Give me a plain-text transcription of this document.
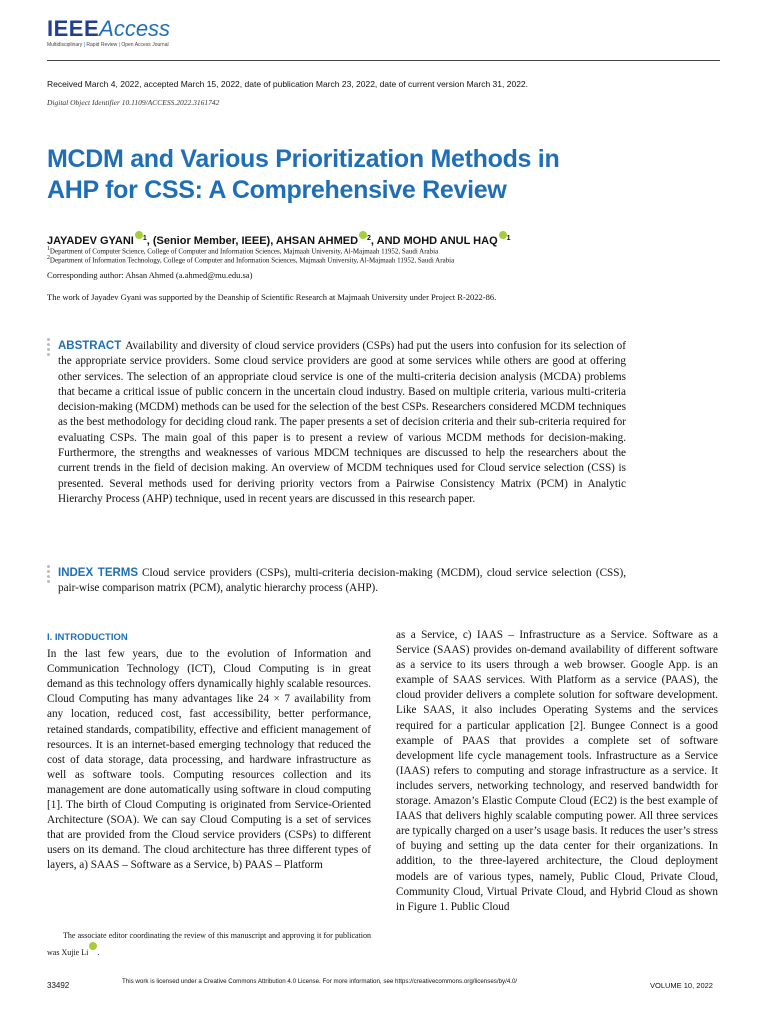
IEEEAccess
Multidisciplinary | Rapid Review | Open Access Journal
Received March 4, 2022, accepted March 15, 2022, date of publication March 23, 2022, date of current version March 31, 2022.
Digital Object Identifier 10.1109/ACCESS.2022.3161742
MCDM and Various Prioritization Methods in
AHP for CSS: A Comprehensive Review
JAYADEV GYANI $^1$, (Senior Member, IEEE), AHSAN AHMED $^2$, AND MOHD ANUL HAQ $^1$
$^1$Department of Computer Science, College of Computer and Information Sciences, Majmaah University, Al-Majmaah 11952, Saudi Arabia
$^2$Department of Information Technology, College of Computer and Information Sciences, Majmaah University, Al-Majmaah 11952, Saudi Arabia
Corresponding author: Ahsan Ahmed (a.ahmed@mu.edu.sa)
The work of Jayadev Gyani was supported by the Deanship of Scientific Research at Majmaah University under Project R-2022-86.
ABSTRACT Availability and diversity of cloud service providers (CSPs) had put the users into confusion for its selection of the appropriate service providers. Some cloud service providers are good at some services while others are good at offering other services. The selection of an appropriate cloud service is one of the multi-criteria decision analysis (MCDA) problems that became a critical issue of public concern in the uncertain cloud industry. Based on multiple criteria, various multi-criteria decision-making (MCDM) methods can be used for the selection of the best CSPs. Researchers considered MCDM techniques as the best methodology for deciding cloud rank. The paper presents a set of decision criteria and their sub-criteria required for evaluating CSPs. The main goal of this paper is to present a review of various MCDM methods for decision-making. Furthermore, the strengths and weaknesses of various MDCM techniques are discussed to help the researchers about the current trends in the field of decision making. An overview of MCDM techniques used for Cloud service selection (CSS) is presented. Several methods used for deriving priority vectors from a Pairwise Consistency Matrix (PCM) in Analytic Hierarchy Process (AHP) technique, used in recent years are discussed in this research paper.
INDEX TERMS Cloud service providers (CSPs), multi-criteria decision-making (MCDM), cloud service selection (CSS), pair-wise comparison matrix (PCM), analytic hierarchy process (AHP).
I. INTRODUCTION
In the last few years, due to the evolution of Information and Communication Technology (ICT), Cloud Computing is in great demand as this technology offers dynamically highly scalable resources. Cloud Computing has many advantages like 24 × 7 availability from any location, reduced cost, fast accessibility, better performance, retained standards, compatibility, effective and efficient management of resources. It is an internet-based emerging technology that reduced the cost of data storage, data processing, and hardware infrastructure as well as software tools. Computing resources collection and its management are done automatically using software in cloud computing [1]. The birth of Cloud Computing is originated from Service-Oriented Architecture (SOA). We can say Cloud Computing is a set of services that are provided from the Cloud service providers (CSPs) to different users on its demand. The cloud architecture has three different types of layers, a) SAAS – Software as a Service, b) PAAS – Platform
as a Service, c) IAAS – Infrastructure as a Service. Software as a Service (SAAS) provides on-demand availability of different software as a service to its users through a web browser. Google App. is an example of SAAS services. With Platform as a service (PAAS), the cloud provider delivers a complete solution for software development. Like SAAS, it also includes Operating Systems and the services required for a particular application [2]. Bungee Connect is a good example of PAAS that provides a complete set of software development life cycle management tools. Infrastructure as a Service (IAAS) refers to computing and storage infrastructure as a service. It includes servers, networking technology, and reserved bandwidth for storage. Amazon’s Elastic Compute Cloud (EC2) is the best example of IAAS that delivers highly scalable computing power. All three services are typically charged on a user’s usage basis. It reduces the user’s stress of buying and setting up the data center for their organizations. In addition, to the three-layered architecture, the Cloud deployment models are of various types, namely, Public Cloud, Private Cloud, Community Cloud, Virtual Private Cloud, and Hybrid Cloud as shown in Figure 1. Public Cloud
The associate editor coordinating the review of this manuscript and approving it for publication was Xujie Li .
33492	This work is licensed under a Creative Commons Attribution 4.0 License. For more information, see https://creativecommons.org/licenses/by/4.0/	VOLUME 10, 2022
